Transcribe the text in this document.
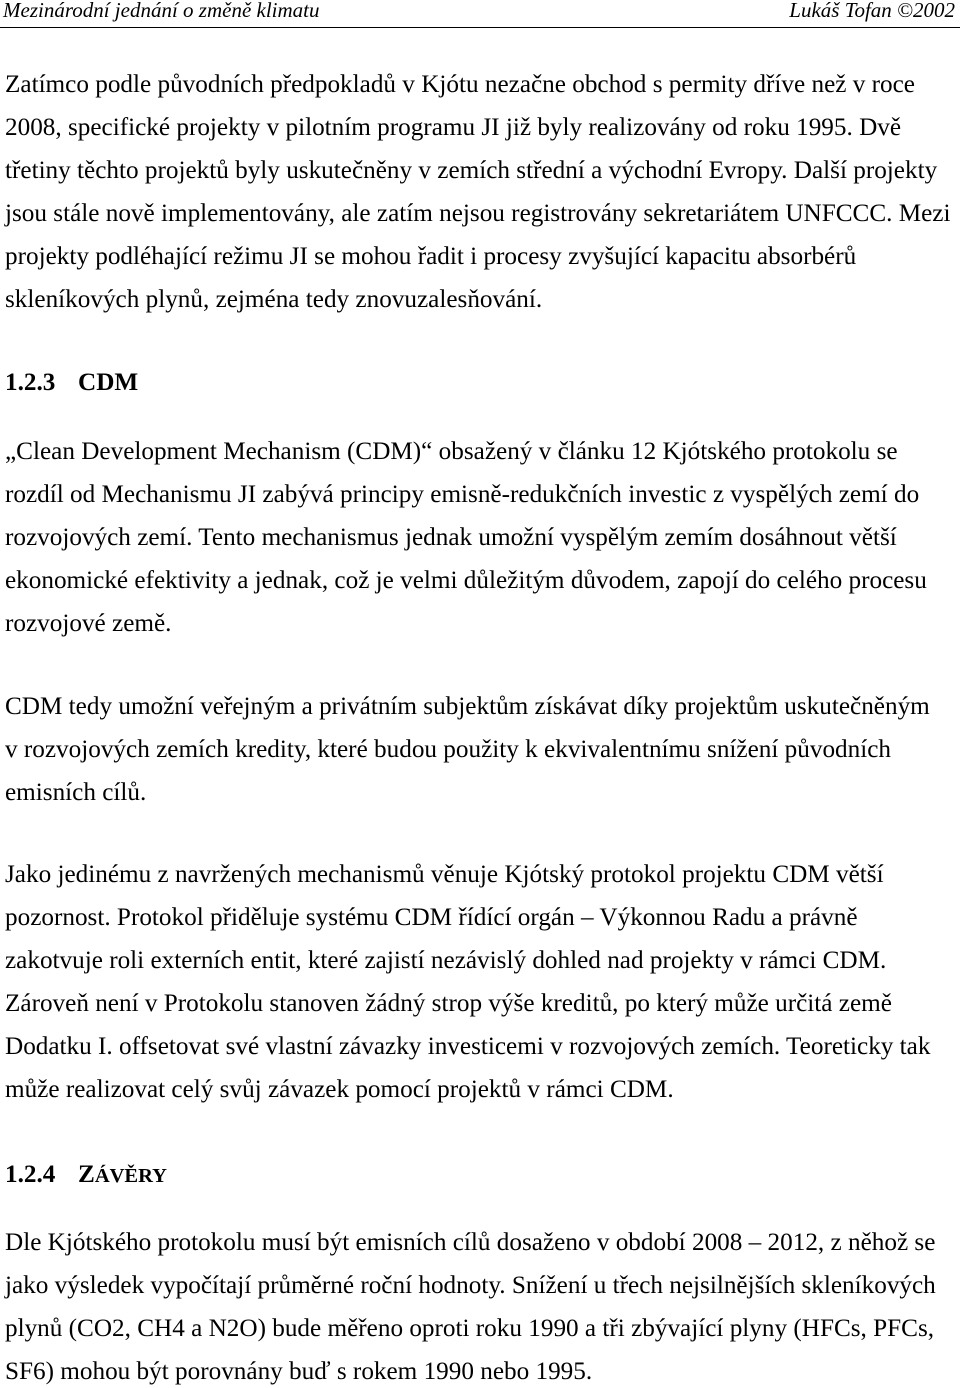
Mezinárodní jednání o změně klimatu	Lukáš Tofan ©2002
Zatímco podle původních předpokladů v Kjótu nezačne obchod s permity dříve než v roce
2008, specifické projekty v pilotním programu JI již byly realizovány od roku 1995. Dvě
třetiny těchto projektů byly uskutečněny v zemích střední a východní Evropy. Další projekty
jsou stále nově implementovány, ale zatím nejsou registrovány sekretariátem UNFCCC. Mezi
projekty podléhající režimu JI se mohou řadit i procesy zvyšující kapacitu absorbérů
skleníkových plynů, zejména tedy znovuzalesňování.
1.2.3 CDM
„Clean Development Mechanism (CDM)“ obsažený v článku 12 Kjótského protokolu se
rozdíl od Mechanismu JI zabývá principy emisně-redukčních investic z vyspělých zemí do
rozvojových zemí. Tento mechanismus jednak umožní vyspělým zemím dosáhnout větší
ekonomické efektivity a jednak, což je velmi důležitým důvodem, zapojí do celého procesu
rozvojové země.
CDM tedy umožní veřejným a privátním subjektům získávat díky projektům uskutečněným
v rozvojových zemích kredity, které budou použity k ekvivalentnímu snížení původních
emisních cílů.
Jako jedinému z navržených mechanismů věnuje Kjótský protokol projektu CDM větší
pozornost. Protokol přiděluje systému CDM řídící orgán – Výkonnou Radu a právně
zakotvuje roli externích entit, které zajistí nezávislý dohled nad projekty v rámci CDM.
Zároveň není v Protokolu stanoven žádný strop výše kreditů, po který může určitá země
Dodatku I. offsetovat své vlastní závazky investicemi v rozvojových zemích. Teoreticky tak
může realizovat celý svůj závazek pomocí projektů v rámci CDM.
1.2.4 ZÁVĚRY
Dle Kjótského protokolu musí být emisních cílů dosaženo v období 2008 – 2012, z něhož se
jako výsledek vypočítají průměrné roční hodnoty. Snížení u třech nejsilnějších skleníkových
plynů (CO2, CH4 a N2O) bude měřeno oproti roku 1990 a tři zbývající plyny (HFCs, PFCs,
SF6) mohou být porovnány buď s rokem 1990 nebo 1995.
